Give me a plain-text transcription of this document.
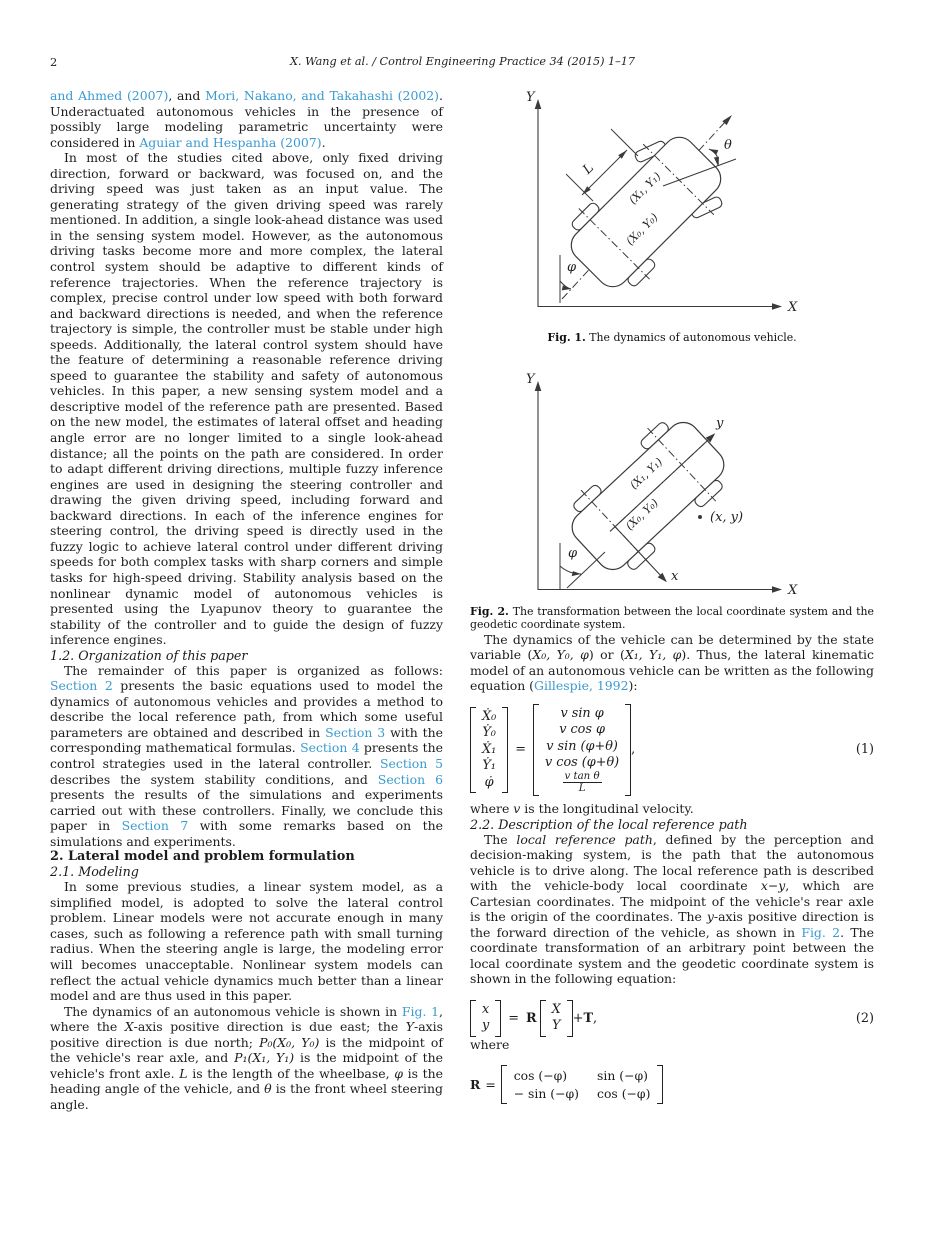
2	X. Wang et al. / Control Engineering Practice 34 (2015) 1–17

and Ahmed (2007), and Mori, Nakano, and Takahashi (2002). Underactuated autonomous vehicles in the presence of possibly large modeling parametric uncertainty were considered in Aguiar and Hespanha (2007).

In most of the studies cited above, only fixed driving direction, forward or backward, was focused on, and the driving speed was just taken as an input value. The generating strategy of the given driving speed was rarely mentioned. In addition, a single look-ahead distance was used in the sensing system model. However, as the autonomous driving tasks become more and more complex, the lateral control system should be adaptive to different kinds of reference trajectories. When the reference trajectory is complex, precise control under low speed with both forward and backward directions is needed, and when the reference trajectory is simple, the controller must be stable under high speeds. Additionally, the lateral control system should have the feature of determining a reasonable reference driving speed to guarantee the stability and safety of autonomous vehicles. In this paper, a new sensing system model and a descriptive model of the reference path are presented. Based on the new model, the estimates of lateral offset and heading angle error are no longer limited to a single look-ahead distance; all the points on the path are considered. In order to adapt different driving directions, multiple fuzzy inference engines are used in designing the steering controller and drawing the given driving speed, including forward and backward directions. In each of the inference engines for steering control, the driving speed is directly used in the fuzzy logic to achieve lateral control under different driving speeds for both complex tasks with sharp corners and simple tasks for high-speed driving. Stability analysis based on the nonlinear dynamic model of autonomous vehicles is presented using the Lyapunov theory to guarantee the stability of the controller and to guide the design of fuzzy inference engines.

1.2. Organization of this paper

The remainder of this paper is organized as follows: Section 2 presents the basic equations used to model the dynamics of autonomous vehicles and provides a method to describe the local reference path, from which some useful parameters are obtained and described in Section 3 with the corresponding mathematical formulas. Section 4 presents the control strategies used in the lateral controller. Section 5 describes the system stability conditions, and Section 6 presents the results of the simulations and experiments carried out with these controllers. Finally, we conclude this paper in Section 7 with some remarks based on the simulations and experiments.

2. Lateral model and problem formulation
2.1. Modeling

In some previous studies, a linear system model, as a simplified model, is adopted to solve the lateral control problem. Linear models were not accurate enough in many cases, such as following a reference path with small turning radius. When the steering angle is large, the modeling error will becomes unacceptable. Nonlinear system models can reflect the actual vehicle dynamics much better than a linear model and are thus used in this paper.

The dynamics of an autonomous vehicle is shown in Fig. 1, where the X-axis positive direction is due east; the Y-axis positive direction is due north; P₀(X₀, Y₀) is the midpoint of the vehicle's rear axle, and P₁(X₁, Y₁) is the midpoint of the vehicle's front axle. L is the length of the wheelbase, φ is the heading angle of the vehicle, and θ is the front wheel steering angle.

Y
X
(X₁, Y₁)
(X₀, Y₀)
L
θ
φ
Fig. 1. The dynamics of autonomous vehicle.
Y
X
(X₁, Y₁)
(X₀, Y₀)
y
x
(x, y)
φ
Fig. 2. The transformation between the local coordinate system and the geodetic coordinate system.

The dynamics of the vehicle can be determined by the state variable (X₀, Y₀, φ) or (X₁, Y₁, φ). Thus, the lateral kinematic model of an autonomous vehicle can be written as the following equation (Gillespie, 1992):

Ẋ₀
Ẏ₀
Ẋ₁
Ẏ₁
φ̇
=
v sin φ
v cos φ
v sin (φ+θ)
v cos (φ+θ)
$\frac{\text{v tan θ}}{L}$
,	(1)

where v is the longitudinal velocity.

2.2. Description of the local reference path

The local reference path, defined by the perception and decision-making system, is the path that the autonomous vehicle is to drive along. The local reference path is described with the vehicle-body local coordinate x−y, which are Cartesian coordinates. The midpoint of the vehicle's rear axle is the origin of the coordinates. The y-axis positive direction is the forward direction of the vehicle, as shown in Fig. 2. The coordinate transformation of an arbitrary point between the local coordinate system and the geodetic coordinate system is shown in the following equation:

x
y = R
X
Y +T,	(2)

where

R =
cos (−φ)	sin (−φ)
− sin (−φ) cos (−φ)
